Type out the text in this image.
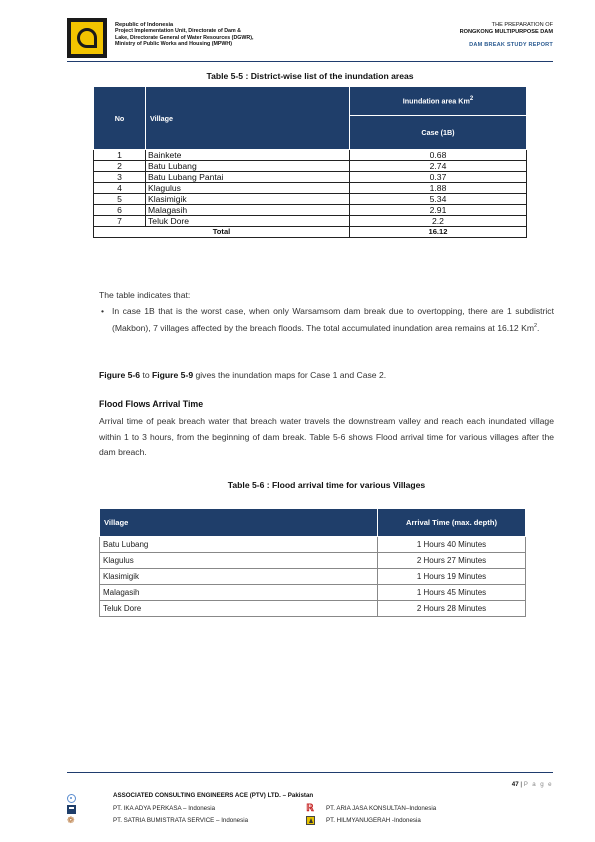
Republic of Indonesia
Project Implementation Unit, Directorate of Dam &
Lake, Directorate General of Water Resources (DGWR),
Ministry of Public Works and Housing (MPWH)
THE PREPARATION OF
RONGKONG MULTIPURPOSE DAM
DAM BREAK STUDY REPORT
Table 5-5 : District-wise list of the inundation areas
No	Village	Inundation area Km$^2$
		Case (1B)
1	Bainkete	0.68
2	Batu Lubang	2.74
3	Batu Lubang Pantai	0.37
4	Klagulus	1.88
5	Klasimigik	5.34
6	Malagasih	2.91
7	Teluk Dore	2.2
Total		16.12
The table indicates that:
• In case 1B that is the worst case, when only Warsamsom dam break due to overtopping, there are 1 subdistrict (Makbon), 7 villages affected by the breach floods. The total accumulated inundation area remains at 16.12 Km$^2$.
Figure 5-6 to Figure 5-9 gives the inundation maps for Case 1 and Case 2.
Flood Flows Arrival Time
Arrival time of peak breach water that breach water travels the downstream valley and reach each inundated village within 1 to 3 hours, from the beginning of dam break. Table 5-6 shows Flood arrival time for various villages after the dam breach.
Table 5-6 : Flood arrival time for various Villages
Village	Arrival Time (max. depth)
Batu Lubang	1 Hours 40 Minutes
Klagulus	2 Hours 27 Minutes
Klasimigik	1 Hours 19 Minutes
Malagasih	1 Hours 45 Minutes
Teluk Dore	2 Hours 28 Minutes
47 | P a g e
ASSOCIATED CONSULTING ENGINEERS ACE (PTV) LTD. – Pakistan
PT. IKA ADYA PERKASA – Indonesia
❁	PT. SATRIA BUMISTRATA SERVICE – Indonesia
ℝ PT. ARIA JASA KONSULTAN–Indonesia
PT. HILMYANUGERAH -Indonesia
